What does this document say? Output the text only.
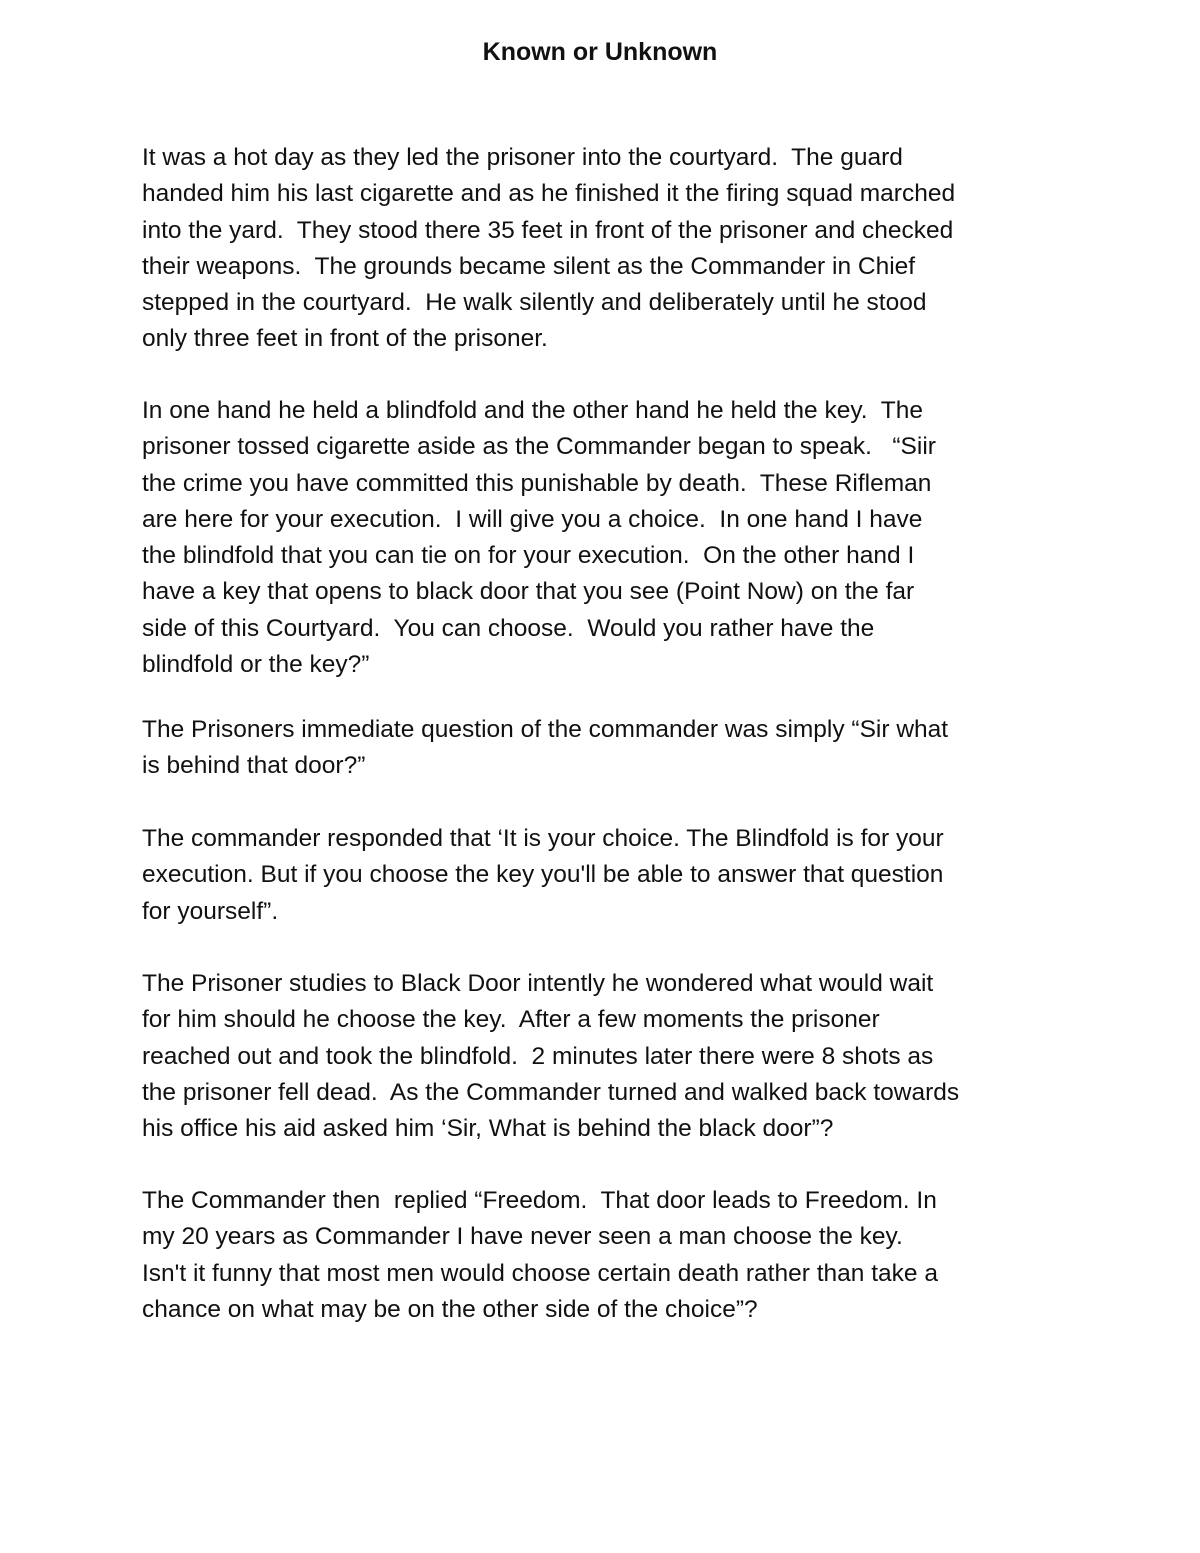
Known or Unknown

It was a hot day as they led the prisoner into the courtyard.  The guard
handed him his last cigarette and as he finished it the firing squad marched
into the yard.  They stood there 35 feet in front of the prisoner and checked
their weapons.  The grounds became silent as the Commander in Chief
stepped in the courtyard.  He walk silently and deliberately until he stood
only three feet in front of the prisoner.

In one hand he held a blindfold and the other hand he held the key.  The
prisoner tossed cigarette aside as the Commander began to speak.   “Siir
the crime you have committed this punishable by death.  These Rifleman
are here for your execution.  I will give you a choice.  In one hand I have
the blindfold that you can tie on for your execution.  On the other hand I
have a key that opens to black door that you see (Point Now) on the far
side of this Courtyard.  You can choose.  Would you rather have the
blindfold or the key?”

The Prisoners immediate question of the commander was simply “Sir what
is behind that door?”

The commander responded that ‘It is your choice. The Blindfold is for your
execution. But if you choose the key you'll be able to answer that question
for yourself”.

The Prisoner studies to Black Door intently he wondered what would wait
for him should he choose the key.  After a few moments the prisoner
reached out and took the blindfold.  2 minutes later there were 8 shots as
the prisoner fell dead.  As the Commander turned and walked back towards
his office his aid asked him ‘Sir, What is behind the black door”?

The Commander then  replied “Freedom.  That door leads to Freedom. In
my 20 years as Commander I have never seen a man choose the key.
Isn't it funny that most men would choose certain death rather than take a
chance on what may be on the other side of the choice”?
